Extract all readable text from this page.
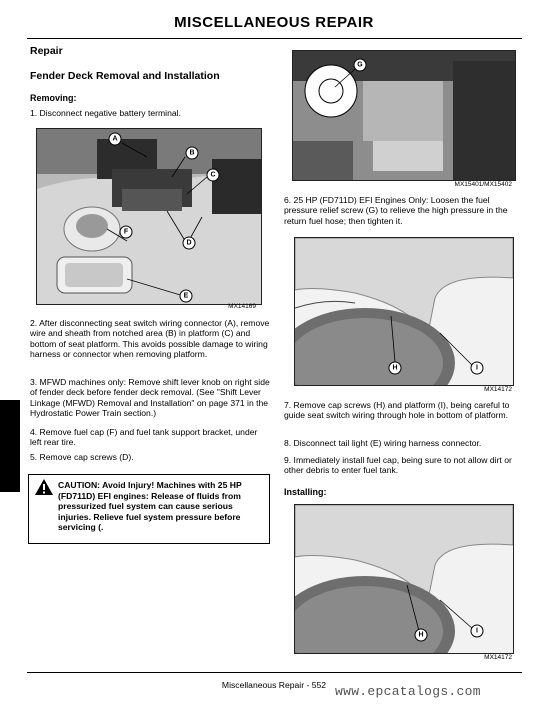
MISCELLANEOUS REPAIR
Repair
Fender Deck Removal and Installation
Removing:
1. Disconnect negative battery terminal.
A
B
C
D
F
E
MX14169
2. After disconnecting seat switch wiring connector (A), remove wire and sheath from notched area (B) in platform (C) and bottom of seat platform. This avoids possible damage to wiring harness or connector when removing platform.
3. MFWD machines only: Remove shift lever knob on right side of fender deck before fender deck removal. (See "Shift Lever Linkage (MFWD) Removal and Installation" on page 371 in the Hydrostatic Power Train section.)
4. Remove fuel cap (F) and fuel tank support bracket, under left rear tire.
5. Remove cap screws (D).
CAUTION: Avoid Injury! Machines with 25 HP (FD711D) EFI engines: Release of fluids from pressurized fuel system can cause serious injuries. Relieve fuel system pressure before servicing (.
G
MX15401/MX15402
6. 25 HP (FD711D) EFI Engines Only: Loosen the fuel pressure relief screw (G) to relieve the high pressure in the return fuel hose; then tighten it.
H	I
MX14172
7. Remove cap screws (H) and platform (I), being careful to guide seat switch wiring through hole in bottom of platform.
8. Disconnect tail light (E) wiring harness connector.
9. Immediately install fuel cap, being sure to not allow dirt or other debris to enter fuel tank.
Installing:
H
I
MX14172
Miscellaneous Repair - 552 www.epcatalogs.com
